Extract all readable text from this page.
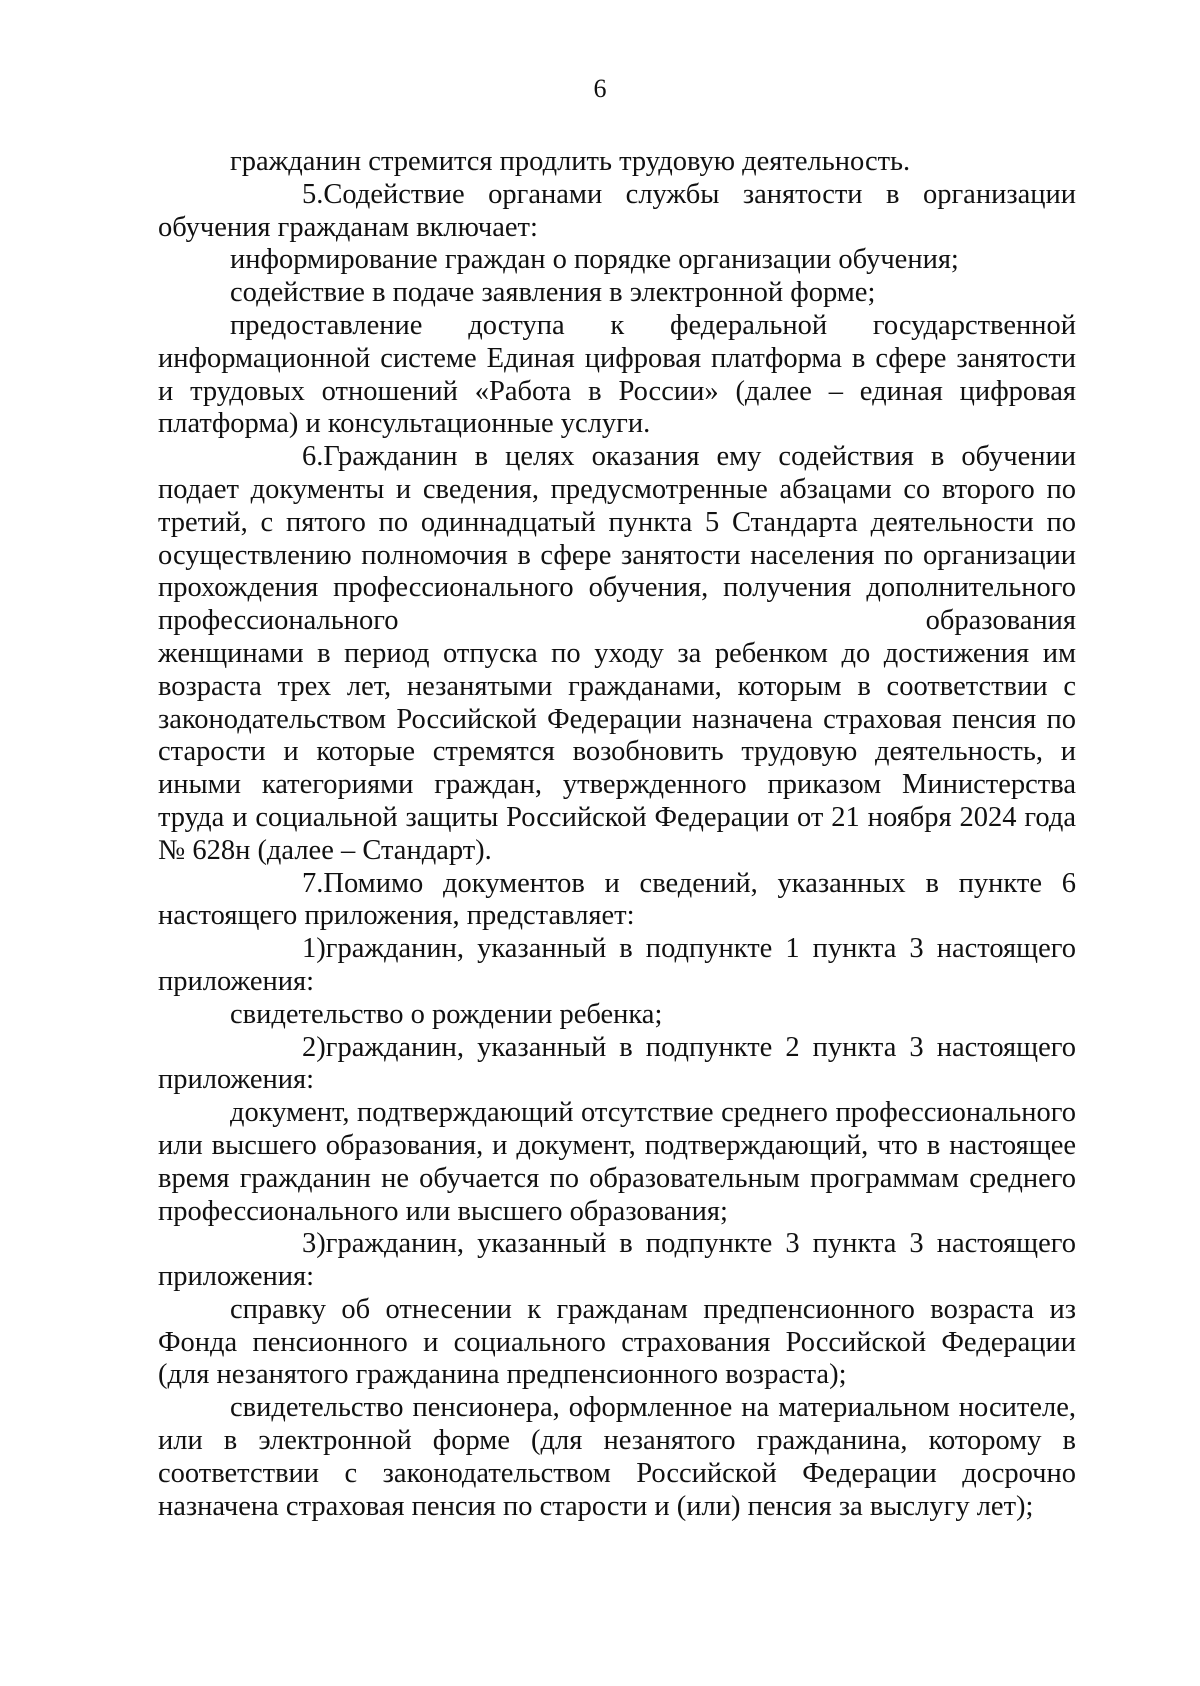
6

гражданин стремится продлить трудовую деятельность.

5.Содействие органами службы занятости в организации обучения гражданам включает:

информирование граждан о порядке организации обучения;

содействие в подаче заявления в электронной форме;

предоставление доступа к федеральной государственной информационной системе Единая цифровая платформа в сфере занятости и трудовых отношений «Работа в России» (далее – единая цифровая платформа) и консультационные услуги.

6.Гражданин в целях оказания ему содействия в обучении подает документы и сведения, предусмотренные абзацами со второго по третий, с пятого по одиннадцатый пункта 5 Стандарта деятельности по осуществлению полномочия в сфере занятости населения по организации прохождения профессионального обучения, получения дополнительного профессионального образования

женщинами в период отпуска по уходу за ребенком до достижения им возраста трех лет, незанятыми гражданами, которым в соответствии с законодательством Российской Федерации назначена страховая пенсия по старости и которые стремятся возобновить трудовую деятельность, и иными категориями граждан, утвержденного приказом Министерства труда и социальной защиты Российской Федерации от 21 ноября 2024 года № 628н (далее – Стандарт).

7.Помимо документов и сведений, указанных в пункте 6 настоящего приложения, представляет:

1)гражданин, указанный в подпункте 1 пункта 3 настоящего приложения:

свидетельство о рождении ребенка;

2)гражданин, указанный в подпункте 2 пункта 3 настоящего приложения:

документ, подтверждающий отсутствие среднего профессионального или высшего образования, и документ, подтверждающий, что в настоящее время гражданин не обучается по образовательным программам среднего профессионального или высшего образования;

3)гражданин, указанный в подпункте 3 пункта 3 настоящего приложения:

справку об отнесении к гражданам предпенсионного возраста из Фонда пенсионного и социального страхования Российской Федерации (для незанятого гражданина предпенсионного возраста);

свидетельство пенсионера, оформленное на материальном носителе, или в электронной форме (для незанятого гражданина, которому в соответствии с законодательством Российской Федерации досрочно назначена страховая пенсия по старости и (или) пенсия за выслугу лет);
